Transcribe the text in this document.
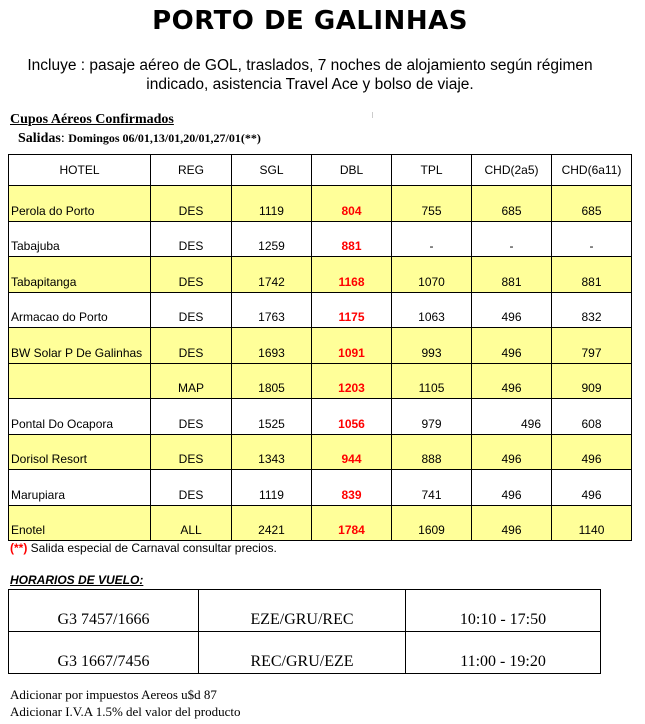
PORTO DE GALINHAS
Incluye : pasaje aéreo de GOL, traslados, 7 noches de alojamiento según régimen
indicado, asistencia Travel Ace y bolso de viaje.
Cupos Aéreos Confirmados
Salidas: Domingos 06/01,13/01,20/01,27/01(**)
HOTEL	REG	SGL	DBL	TPL	CHD(2a5)	CHD(6a11)
Perola do Porto	DES	1119	804	755	685	685
Tabajuba	DES	1259	881	-	-	-
Tabapitanga	DES	1742	1168	1070	881	881
Armacao do Porto	DES	1763	1175	1063	496	832
BW Solar P De Galinhas	DES	1693	1091	993	496	797
	MAP	1805	1203	1105	496	909
Pontal Do Ocapora	DES	1525	1056	979	496	608
Dorisol Resort	DES	1343	944	888	496	496
Marupiara	DES	1119	839	741	496	496
Enotel	ALL	2421	1784	1609	496	1140
(**) Salida especial de Carnaval consultar precios.
HORARIOS DE VUELO:
G3 7457/1666	EZE/GRU/REC	10:10 - 17:50
G3 1667/7456	REC/GRU/EZE	11:00 - 19:20
Adicionar por impuestos Aereos u$d 87
Adicionar I.V.A 1.5% del valor del producto
